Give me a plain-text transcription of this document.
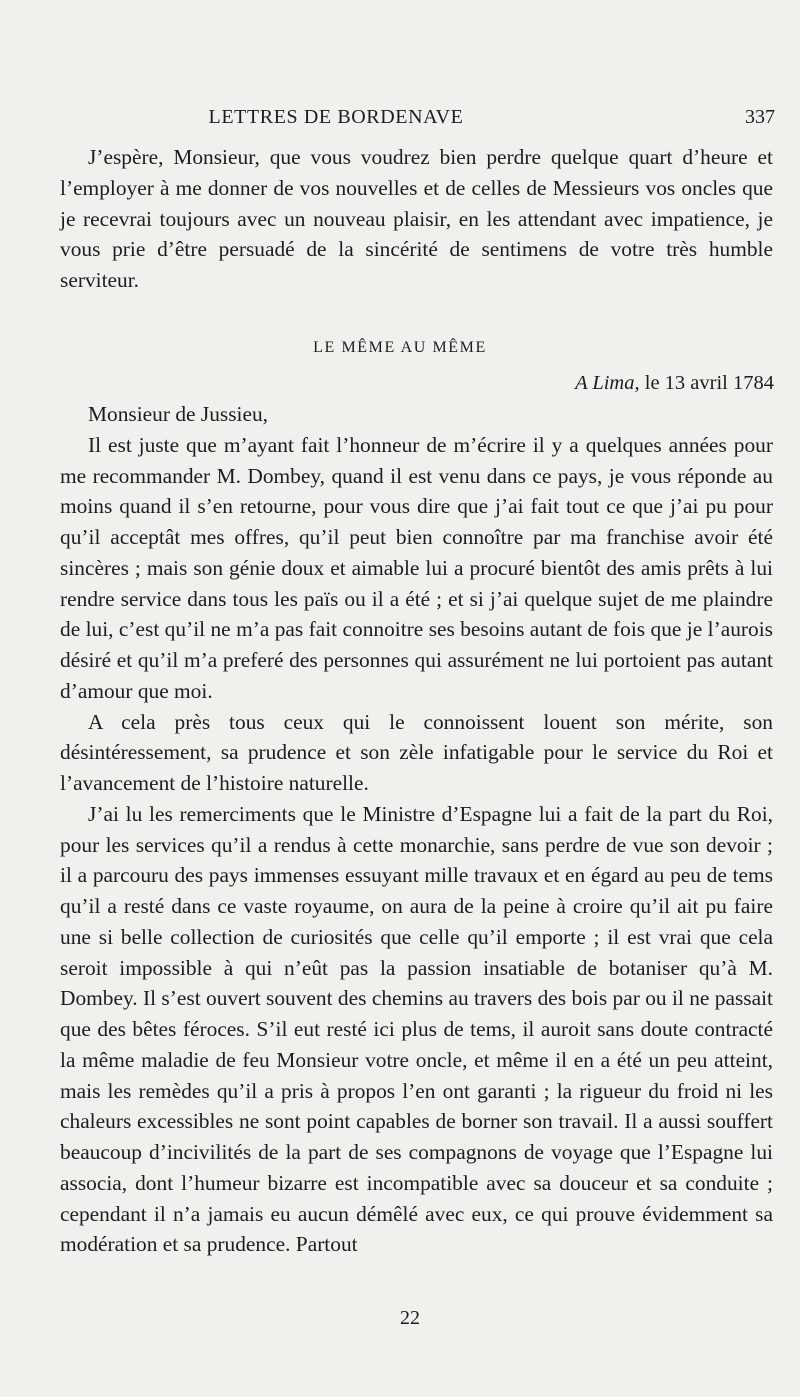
LETTRES DE BORDENAVE	337

J’espère, Monsieur, que vous voudrez bien perdre quelque quart d’heure et l’employer à me donner de vos nouvelles et de celles de Messieurs vos oncles que je recevrai toujours avec un nouveau plaisir, en les attendant avec impatience, je vous prie d’être persuadé de la sincérité de sentimens de votre très humble serviteur.

LE MÊME AU MÊME
A Lima, le 13 avril 1784

Monsieur de Jussieu,

Il est juste que m’ayant fait l’honneur de m’écrire il y a quelques années pour me recommander M. Dombey, quand il est venu dans ce pays, je vous réponde au moins quand il s’en retourne, pour vous dire que j’ai fait tout ce que j’ai pu pour qu’il acceptât mes offres, qu’il peut bien connoître par ma franchise avoir été sincères ; mais son génie doux et aimable lui a procuré bientôt des amis prêts à lui rendre service dans tous les païs ou il a été ; et si j’ai quelque sujet de me plaindre de lui, c’est qu’il ne m’a pas fait connoitre ses besoins autant de fois que je l’aurois désiré et qu’il m’a preferé des personnes qui assurément ne lui portoient pas autant d’amour que moi.

A cela près tous ceux qui le connoissent louent son mérite, son désintéressement, sa prudence et son zèle infatigable pour le service du Roi et l’avancement de l’histoire naturelle.

J’ai lu les remerciments que le Ministre d’Espagne lui a fait de la part du Roi, pour les services qu’il a rendus à cette monarchie, sans perdre de vue son devoir ; il a parcouru des pays immenses essuyant mille travaux et en égard au peu de tems qu’il a resté dans ce vaste royaume, on aura de la peine à croire qu’il ait pu faire une si belle collection de curiosités que celle qu’il emporte ; il est vrai que cela seroit impossible à qui n’eût pas la passion insatiable de botaniser qu’à M. Dombey. Il s’est ouvert souvent des chemins au travers des bois par ou il ne passait que des bêtes féroces. S’il eut resté ici plus de tems, il auroit sans doute contracté la même maladie de feu Monsieur votre oncle, et même il en a été un peu atteint, mais les remèdes qu’il a pris à propos l’en ont garanti ; la rigueur du froid ni les chaleurs excessibles ne sont point capables de borner son travail. Il a aussi souffert beaucoup d’incivilités de la part de ses compagnons de voyage que l’Espagne lui associa, dont l’humeur bizarre est incompatible avec sa douceur et sa conduite ; cependant il n’a jamais eu aucun démêlé avec eux, ce qui prouve évidemment sa modération et sa prudence. Partout

22
